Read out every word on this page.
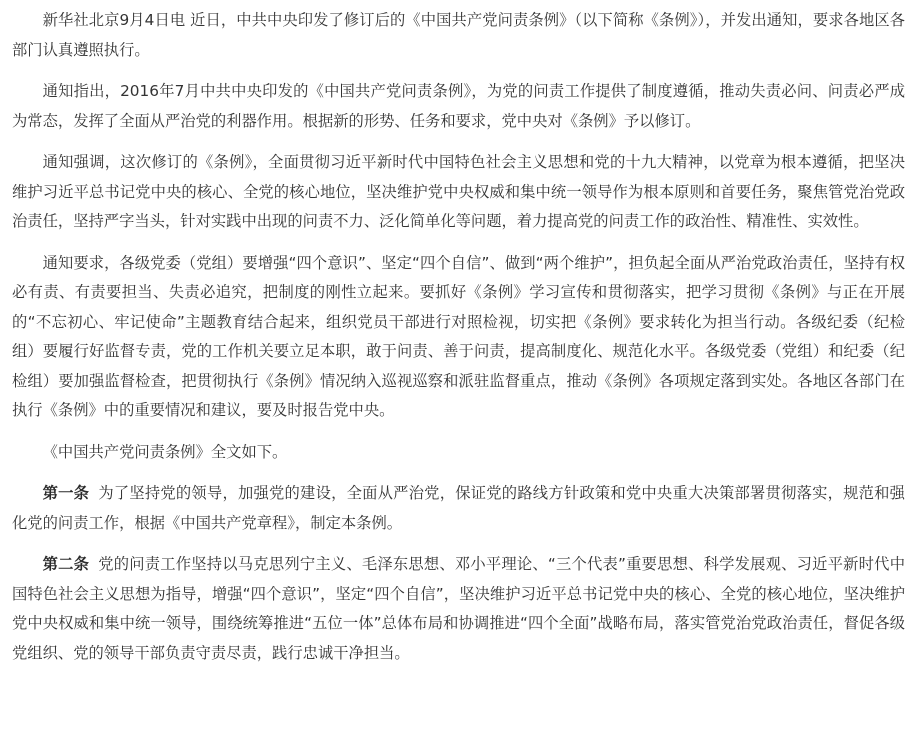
新华社北京9月4日电 近日，中共中央印发了修订后的《中国共产党问责条例》（以下简称《条例》），并发出通知，要求各地区各部门认真遵照执行。

通知指出，2016年7月中共中央印发的《中国共产党问责条例》，为党的问责工作提供了制度遵循，推动失责必问、问责必严成为常态，发挥了全面从严治党的利器作用。根据新的形势、任务和要求，党中央对《条例》予以修订。

通知强调，这次修订的《条例》，全面贯彻习近平新时代中国特色社会主义思想和党的十九大精神，以党章为根本遵循，把坚决维护习近平总书记党中央的核心、全党的核心地位，坚决维护党中央权威和集中统一领导作为根本原则和首要任务，聚焦管党治党政治责任，坚持严字当头，针对实践中出现的问责不力、泛化简单化等问题，着力提高党的问责工作的政治性、精准性、实效性。

通知要求，各级党委（党组）要增强“四个意识”、坚定“四个自信”、做到“两个维护”，担负起全面从严治党政治责任，坚持有权必有责、有责要担当、失责必追究，把制度的刚性立起来。要抓好《条例》学习宣传和贯彻落实，把学习贯彻《条例》与正在开展的“不忘初心、牢记使命”主题教育结合起来，组织党员干部进行对照检视，切实把《条例》要求转化为担当行动。各级纪委（纪检组）要履行好监督专责，党的工作机关要立足本职，敢于问责、善于问责，提高制度化、规范化水平。各级党委（党组）和纪委（纪检组）要加强监督检查，把贯彻执行《条例》情况纳入巡视巡察和派驻监督重点，推动《条例》各项规定落到实处。各地区各部门在执行《条例》中的重要情况和建议，要及时报告党中央。

《中国共产党问责条例》全文如下。

第一条 为了坚持党的领导，加强党的建设，全面从严治党，保证党的路线方针政策和党中央重大决策部署贯彻落实，规范和强化党的问责工作，根据《中国共产党章程》，制定本条例。

第二条 党的问责工作坚持以马克思列宁主义、毛泽东思想、邓小平理论、“三个代表”重要思想、科学发展观、习近平新时代中国特色社会主义思想为指导，增强“四个意识”，坚定“四个自信”，坚决维护习近平总书记党中央的核心、全党的核心地位，坚决维护党中央权威和集中统一领导，围绕统筹推进“五位一体”总体布局和协调推进“四个全面”战略布局，落实管党治党政治责任，督促各级党组织、党的领导干部负责守责尽责，践行忠诚干净担当。
